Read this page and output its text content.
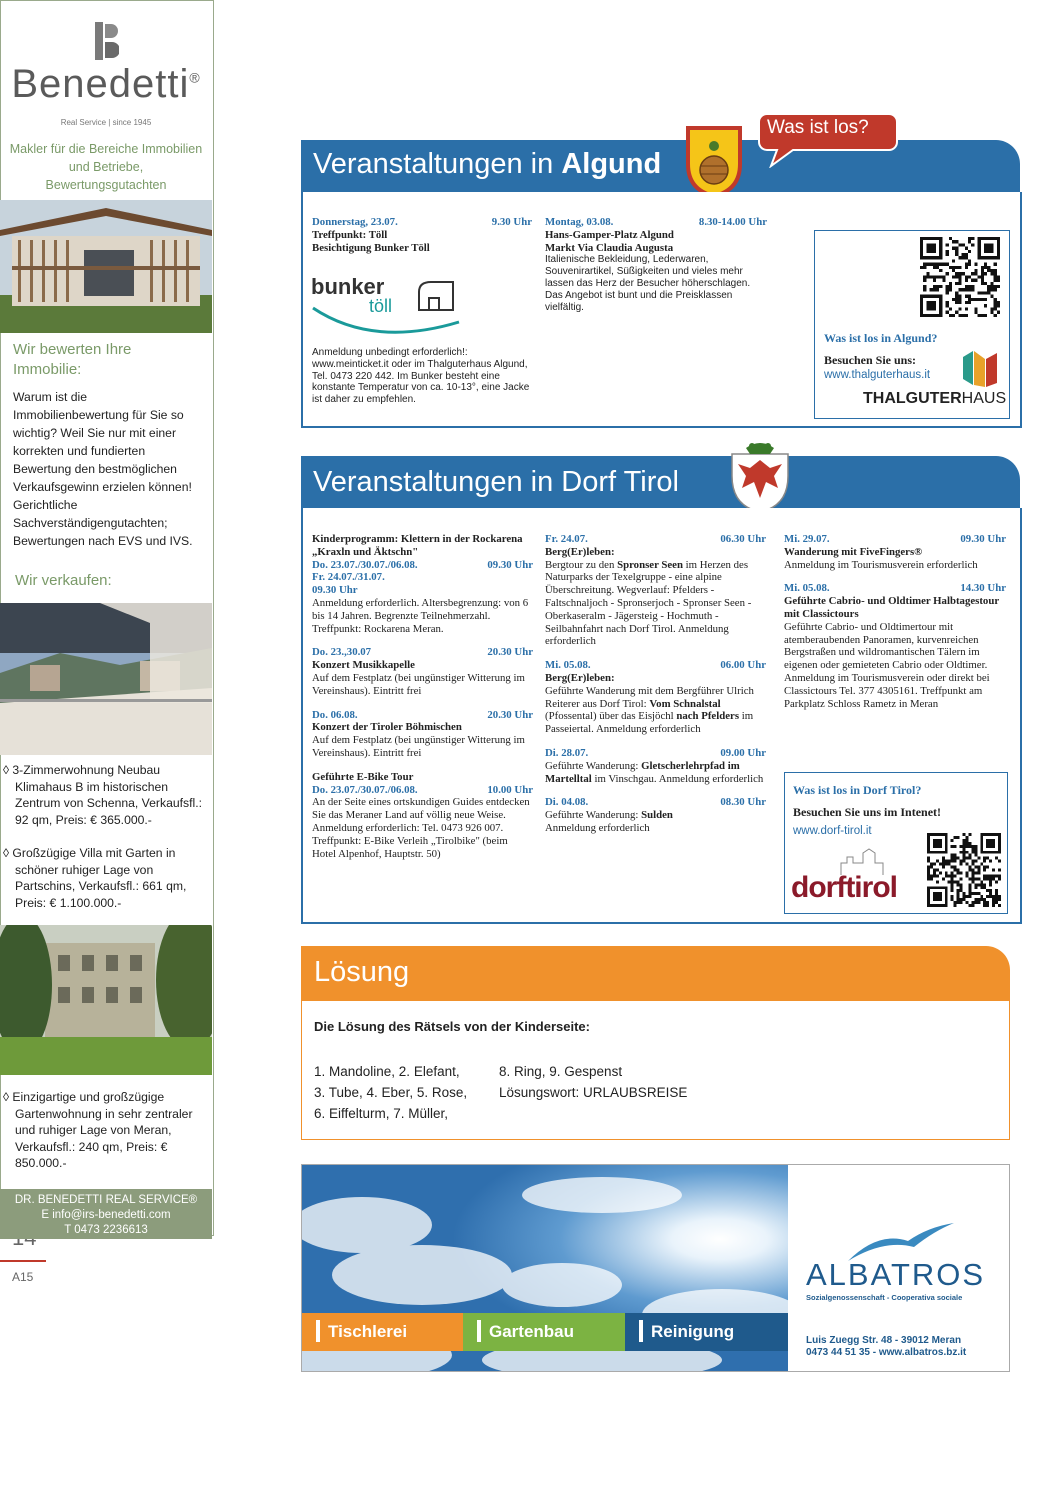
A15
Benedetti®
Real Service | since 1945
Makler für die Bereiche Immobilien und Betriebe, Bewertungsgutachten
Wir bewerten Ihre Immobilie:
Warum ist die Immobilienbewertung für Sie so wichtig? Weil Sie nur mit einer korrekten und fundierten Bewertung den bestmöglichen Verkaufsgewinn erzielen können! Gerichtliche Sachverständigengutachten; Bewertungen nach EVS und IVS.
Wir verkaufen:
◊ 3-Zimmerwohnung Neubau Klimahaus B im historischen Zentrum von Schenna, Verkaufsfl.: 92 qm, Preis: € 365.000.-
◊ Großzügige Villa mit Garten in schöner ruhiger Lage von Partschins, Verkaufsfl.: 661 qm, Preis: € 1.100.000.-
◊ Einzigartige und großzügige Gartenwohnung in sehr zentraler und ruhiger Lage von Meran, Verkaufsfl.: 240 qm, Preis: € 850.000.-
DR. BENEDETTI REAL SERVICE®
E info@irs-benedetti.com
T 0473 2236613
Veranstaltungen in Algund
Was ist los?
Donnerstag, 23.07.	9.30 Uhr
Treffpunkt: Töll
Besichtigung Bunker Töll
bunker
töll
Anmeldung unbedingt erforderlich!: www.meinticket.it oder im Thalguterhaus Algund, Tel. 0473 220 442. Im Bunker besteht eine konstante Temperatur von ca. 10-13°, eine Jacke ist daher zu empfehlen.
Montag, 03.08.	8.30-14.00 Uhr
Hans-Gamper-Platz Algund
Markt Via Claudia Augusta
Italienische Bekleidung, Lederwaren, Souvenirartikel, Süßigkeiten und vieles mehr lassen das Herz der Besucher höherschlagen. Das Angebot ist bunt und die Preisklassen vielfältig.
Was ist los in Algund?
Besuchen Sie uns:
www.thalguterhaus.it
THALGUTERHAUS
Veranstaltungen in Dorf Tirol
Kinderprogramm: Klettern in der Rockarena „Kraxln und Äktschn"
Do. 23.07./30.07./06.08.	09.30 Uhr
Fr. 24.07./31.07.
09.30 Uhr
Anmeldung erforderlich. Altersbegrenzung: von 6 bis 14 Jahren. Begrenzte Teilnehmerzahl. Treffpunkt: Rockarena Meran.
Do. 23.,30.07	20.30 Uhr
Konzert Musikkapelle
Auf dem Festplatz (bei ungünstiger Witterung im Vereinshaus). Eintritt frei
Do. 06.08.	20.30 Uhr
Konzert der Tiroler Böhmischen
Auf dem Festplatz (bei ungünstiger Witterung im Vereinshaus). Eintritt frei
Geführte E-Bike Tour
Do. 23.07./30.07./06.08.	10.00 Uhr
An der Seite eines ortskundigen Guides entdecken Sie das Meraner Land auf völlig neue Weise. Anmeldung erforderlich: Tel. 0473 926 007. Treffpunkt: E-Bike Verleih „Tirolbike" (beim Hotel Alpenhof, Hauptstr. 50)
Fr. 24.07.	06.30 Uhr
Berg(Er)leben:
Bergtour zu den Spronser Seen im Herzen des Naturparks der Texelgruppe - eine alpine Überschreitung. Wegverlauf: Pfelders - Faltschnaljoch - Spronserjoch - Spronser Seen - Oberkaseralm - Jägersteig - Hochmuth - Seilbahnfahrt nach Dorf Tirol. Anmeldung erforderlich
Mi. 05.08.	06.00 Uhr
Berg(Er)leben:
Geführte Wanderung mit dem Bergführer Ulrich Reiterer aus Dorf Tirol: Vom Schnalstal (Pfossental) über das Eisjöchl nach Pfelders im Passeiertal. Anmeldung erforderlich
Di. 28.07.	09.00 Uhr
Geführte Wanderung: Gletscherlehrpfad im Martelltal im Vinschgau. Anmeldung erforderlich
Di. 04.08.	08.30 Uhr
Geführte Wanderung: Sulden
Anmeldung erforderlich
Mi. 29.07.	09.30 Uhr
Wanderung mit FiveFingers®
Anmeldung im Tourismusverein erforderlich
Mi. 05.08.	14.30 Uhr
Geführte Cabrio- und Oldtimer Halbtagestour mit Classictours
Geführte Cabrio- und Oldtimertour mit atemberaubenden Panoramen, kurvenreichen Bergstraßen und wildromantischen Tälern im eigenen oder gemieteten Cabrio oder Oldtimer. Anmeldung im Tourismusverein oder direkt bei Classictours Tel. 377 4305161. Treffpunkt am Parkplatz Schloss Rametz in Meran
Was ist los in Dorf Tirol?
Besuchen Sie uns im Intenet!
www.dorf-tirol.it
dorftirol
Lösung
Die Lösung des Rätsels von der Kinderseite:
1. Mandoline, 2. Elefant,
3. Tube, 4. Eber, 5. Rose,
6. Eiffelturm, 7. Müller,
8. Ring, 9. Gespenst
Lösungswort: URLAUBSREISE
Tischlerei	Gartenbau	Reinigung
ALBATROS
Sozialgenossenschaft - Cooperativa sociale
Luis Zuegg Str. 48 - 39012 Meran
0473 44 51 35 - www.albatros.bz.it
